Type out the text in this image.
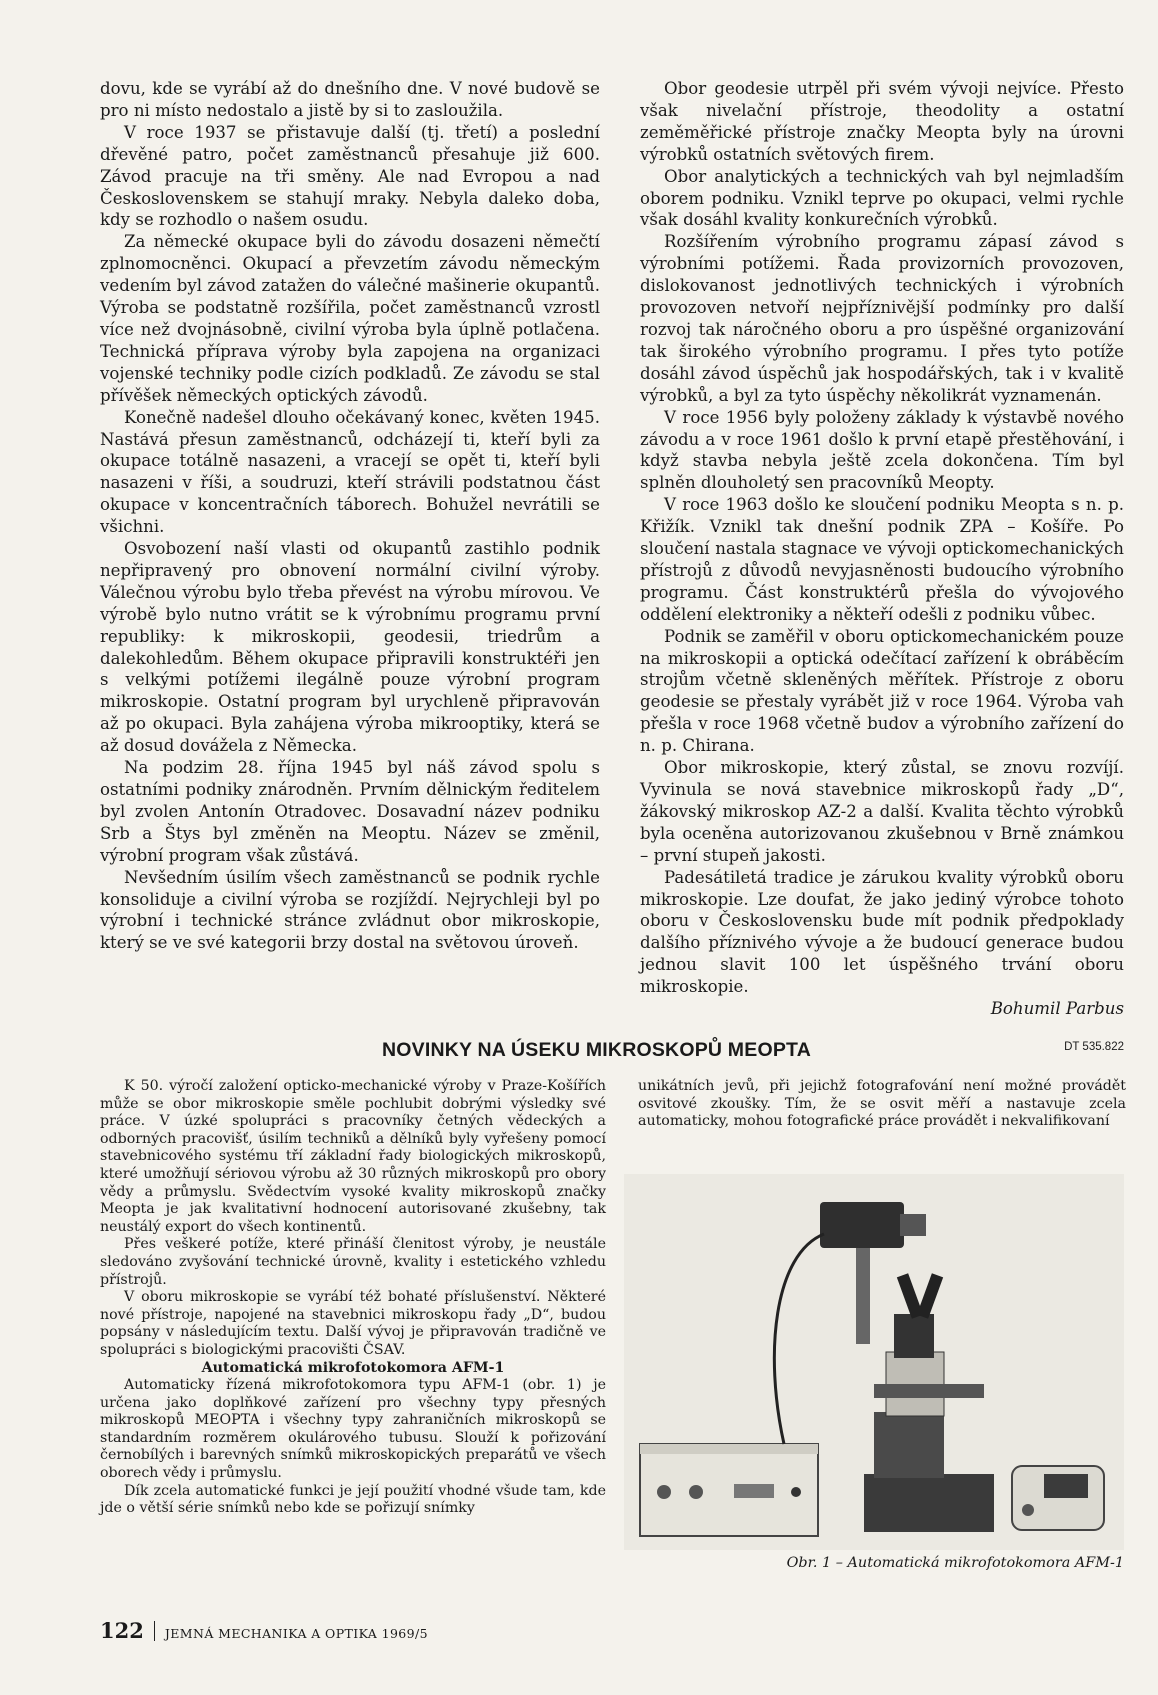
dovu, kde se vyrábí až do dnešního dne. V nové budově se pro ni místo nedostalo a jistě by si to zasloužila.

V roce 1937 se přistavuje další (tj. třetí) a poslední dřevěné patro, počet zaměstnanců přesahuje již 600. Závod pracuje na tři směny. Ale nad Evropou a nad Československem se stahují mraky. Nebyla daleko doba, kdy se rozhodlo o našem osudu.

Za německé okupace byli do závodu dosazeni němečtí zplnomocněnci. Okupací a převzetím závodu německým vedením byl závod zatažen do válečné mašinerie okupantů. Výroba se podstatně rozšířila, počet zaměstnanců vzrostl více než dvojnásobně, civilní výroba byla úplně potlačena. Technická příprava výroby byla zapojena na organizaci vojenské techniky podle cizích podkladů. Ze závodu se stal přívěšek německých optických závodů.

Konečně nadešel dlouho očekávaný konec, květen 1945. Nastává přesun zaměstnanců, odcházejí ti, kteří byli za okupace totálně nasazeni, a vracejí se opět ti, kteří byli nasazeni v říši, a soudruzi, kteří strávili podstatnou část okupace v koncentračních táborech. Bohužel nevrátili se všichni.

Osvobození naší vlasti od okupantů zastihlo podnik nepřipravený pro obnovení normální civilní výroby. Válečnou výrobu bylo třeba převést na výrobu mírovou. Ve výrobě bylo nutno vrátit se k výrobnímu programu první republiky: k mikroskopii, geodesii, triedrům a dalekohledům. Během okupace připravili konstruktéři jen s velkými potížemi ilegálně pouze výrobní program mikroskopie. Ostatní program byl urychleně připravován až po okupaci. Byla zahájena výroba mikrooptiky, která se až dosud dovážela z Německa.

Na podzim 28. října 1945 byl náš závod spolu s ostatními podniky znárodněn. Prvním dělnickým ředitelem byl zvolen Antonín Otradovec. Dosavadní název podniku Srb a Štys byl změněn na Meoptu. Název se změnil, výrobní program však zůstává.

Nevšedním úsilím všech zaměstnanců se podnik rychle konsoliduje a civilní výroba se rozjíždí. Nejrychleji byl po výrobní i technické stránce zvládnut obor mikroskopie, který se ve své kategorii brzy dostal na světovou úroveň.

Obor geodesie utrpěl při svém vývoji nejvíce. Přesto však nivelační přístroje, theodolity a ostatní zeměměřické přístroje značky Meopta byly na úrovni výrobků ostatních světových firem.

Obor analytických a technických vah byl nejmladším oborem podniku. Vznikl teprve po okupaci, velmi rychle však dosáhl kvality konkurečních výrobků.

Rozšířením výrobního programu zápasí závod s výrobními potížemi. Řada provizorních provozoven, dislokovanost jednotlivých technických i výrobních provozoven netvoří nejpříznivější podmínky pro další rozvoj tak náročného oboru a pro úspěšné organizování tak širokého výrobního programu. I přes tyto potíže dosáhl závod úspěchů jak hospodářských, tak i v kvalitě výrobků, a byl za tyto úspěchy několikrát vyznamenán.

V roce 1956 byly položeny základy k výstavbě nového závodu a v roce 1961 došlo k první etapě přestěhování, i když stavba nebyla ještě zcela dokončena. Tím byl splněn dlouholetý sen pracovníků Meopty.

V roce 1963 došlo ke sloučení podniku Meopta s n. p. Křižík. Vznikl tak dnešní podnik ZPA – Košíře. Po sloučení nastala stagnace ve vývoji optickomechanických přístrojů z důvodů nevyjasněnosti budoucího výrobního programu. Část konstruktérů přešla do vývojového oddělení elektroniky a někteří odešli z podniku vůbec.

Podnik se zaměřil v oboru optickomechanickém pouze na mikroskopii a optická odečítací zařízení k obráběcím strojům včetně skleněných měřítek. Přístroje z oboru geodesie se přestaly vyrábět již v roce 1964. Výroba vah přešla v roce 1968 včetně budov a výrobního zařízení do n. p. Chirana.

Obor mikroskopie, který zůstal, se znovu rozvíjí. Vyvinula se nová stavebnice mikroskopů řady „D“, žákovský mikroskop AZ-2 a další. Kvalita těchto výrobků byla oceněna autorizovanou zkušebnou v Brně známkou – první stupeň jakosti.

Padesátiletá tradice je zárukou kvality výrobků oboru mikroskopie. Lze doufat, že jako jediný výrobce tohoto oboru v Československu bude mít podnik předpoklady dalšího příznivého vývoje a že budoucí generace budou jednou slavit 100 let úspěšného trvání oboru mikroskopie.

Bohumil Parbus

NOVINKY NA ÚSEKU MIKROSKOPŮ MEOPTA	DT 535.822

K 50. výročí založení opticko-mechanické výroby v Praze-Košířích může se obor mikroskopie směle pochlubit dobrými výsledky své práce. V úzké spolupráci s pracovníky četných vědeckých a odborných pracovišť, úsilím techniků a dělníků byly vyřešeny pomocí stavebnicového systému tří základní řady biologických mikroskopů, které umožňují sériovou výrobu až 30 různých mikroskopů pro obory vědy a průmyslu. Svědectvím vysoké kvality mikroskopů značky Meopta je jak kvalitativní hodnocení autorisované zkušebny, tak neustálý export do všech kontinentů.

Přes veškeré potíže, které přináší členitost výroby, je neustále sledováno zvyšování technické úrovně, kvality i estetického vzhledu přístrojů.

V oboru mikroskopie se vyrábí též bohaté příslušenství. Některé nové přístroje, napojené na stavebnici mikroskopu řady „D“, budou popsány v následujícím textu. Další vývoj je připravován tradičně ve spolupráci s biologickými pracovišti ČSAV.

Automatická mikrofotokomora AFM-1

Automaticky řízená mikrofotokomora typu AFM-1 (obr. 1) je určena jako doplňkové zařízení pro všechny typy přesných mikroskopů MEOPTA i všechny typy zahraničních mikroskopů se standardním rozměrem okulárového tubusu. Slouží k pořizování černobílých i barevných snímků mikroskopických preparátů ve všech oborech vědy i průmyslu.

Dík zcela automatické funkci je její použití vhodné všude tam, kde jde o větší série snímků nebo kde se pořizují snímky

unikátních jevů, při jejichž fotografování není možné provádět osvitové zkoušky. Tím, že se osvit měří a nastavuje zcela automaticky, mohou fotografické práce provádět i nekvalifikovaní

Obr. 1 – Automatická mikrofotokomora AFM-1
122 JEMNÁ MECHANIKA A OPTIKA 1969/5
